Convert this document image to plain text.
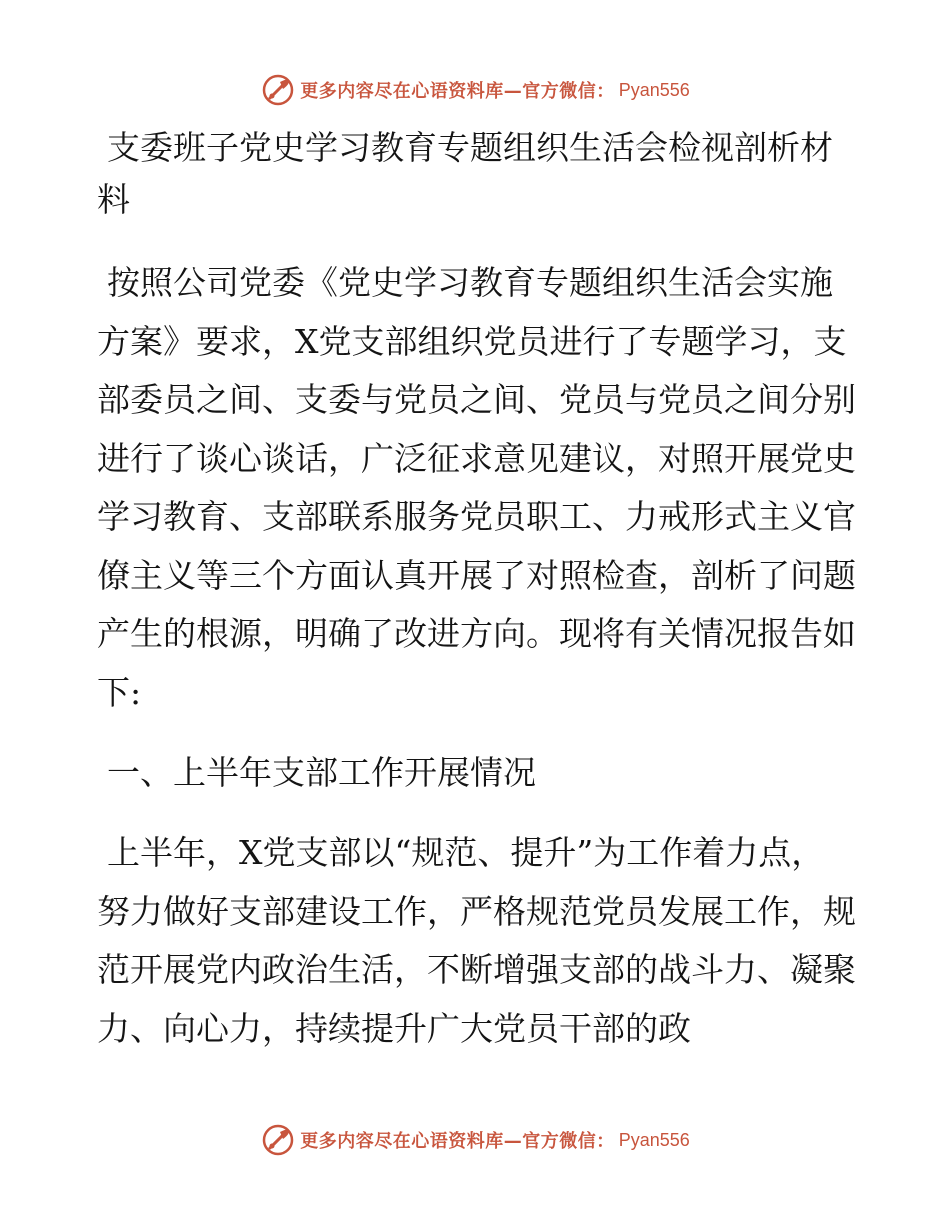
更多内容尽在心语资料库—官方微信： Pyan556
支委班子党史学习教育专题组织生活会检视剖析材料

按照公司党委《党史学习教育专题组织生活会实施方案》要求，X党支部组织党员进行了专题学习，支部委员之间、支委与党员之间、党员与党员之间分别进行了谈心谈话，广泛征求意见建议，对照开展党史学习教育、支部联系服务党员职工、力戒形式主义官僚主义等三个方面认真开展了对照检查，剖析了问题产生的根源，明确了改进方向。现将有关情况报告如下:

一、上半年支部工作开展情况

上半年，X党支部以“规范、提升”为工作着力点，努力做好支部建设工作，严格规范党员发展工作，规范开展党内政治生活，不断增强支部的战斗力、凝聚力、向心力，持续提升广大党员干部的政

更多内容尽在心语资料库—官方微信： Pyan556
